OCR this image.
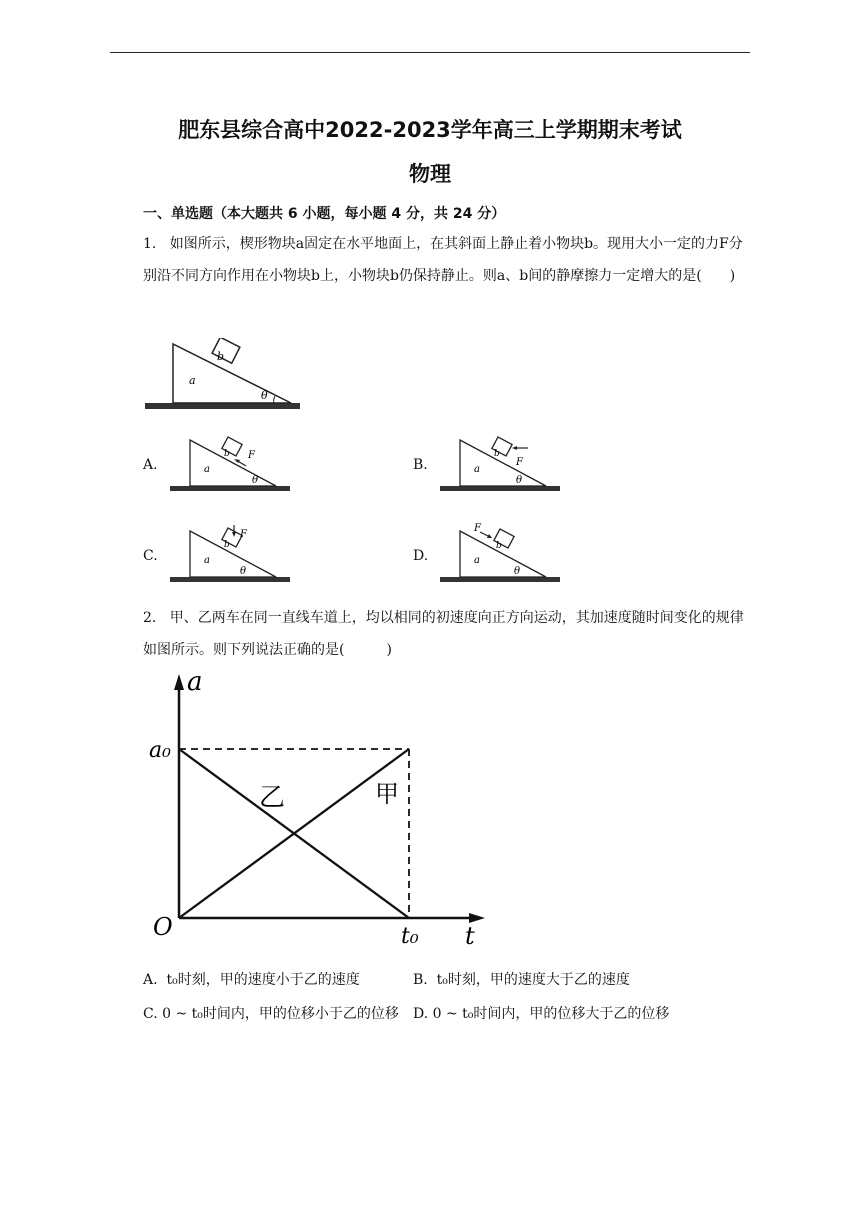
肥东县综合高中2022-2023学年高三上学期期末考试
物理
一、单选题（本大题共 6 小题，每小题 4 分，共 24 分）
1. 如图所示，楔形物块a固定在水平地面上，在其斜面上静止着小物块b。现用大小一定的力F分别沿不同方向作用在小物块b上，小物块b仍保持静止。则a、b间的静摩擦力一定增大的是(　　)
b
a
θ
A.
F
a
b
θ
B.	F
a
b
θ
C.
F
a
b
θ
D.
F
a
b
θ
2. 甲、乙两车在同一直线车道上，均以相同的初速度向正方向运动，其加速度随时间变化的规律如图所示。则下列说法正确的是(　　　)
a
t
O
a₀
t₀
甲
乙
A. t₀时刻，甲的速度小于乙的速度	B. t₀时刻，甲的速度大于乙的速度
C. 0 ~ t₀时间内，甲的位移小于乙的位移 D. 0 ~ t₀时间内，甲的位移大于乙的位移
